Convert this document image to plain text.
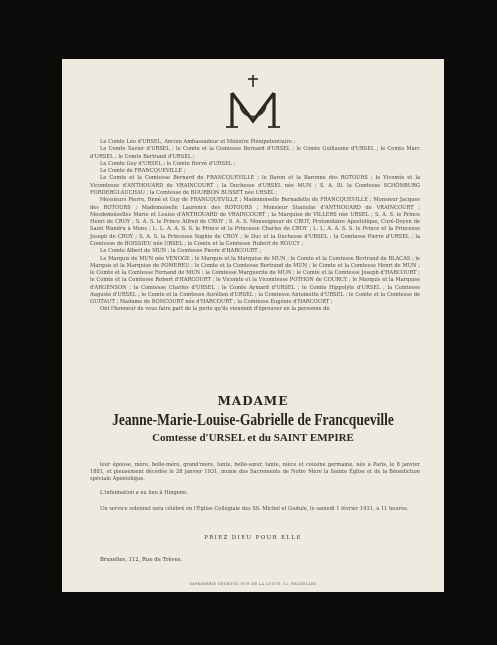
Le Comte Léo d'URSEL, Ancien Ambassadeur et Ministre Plénipotentiaire ;

Le Comte Xavier d'URSEL ; le Comte et la Comtesse Bernard d'URSEL ; le Comte Guillaume d'URSEL ; le Comte Marc d'URSEL ; le Comte Bertrand d'URSEL ;

Le Comte Guy d'URSEL ; le Comte Hervé d'URSEL ;

Le Comte de FRANCQUEVILLE ;

Le Comte et la Comtesse Bernard de FRANCQUEVILLE ; le Baron et la Baronne des ROTOURS ; le Vicomte et la Vicomtesse d'ANTHOUARD de VRAINCOURT ; la Duchesse d'URSEL née MUN ; S. A. Ill. la Comtesse SCHÖNBURG FORDERGLAUCHAU ; la Comtesse de BOURBON BUSSET née URSEL ;

Messieurs Pierre, René et Guy de FRANCQUEVILLE ; Mademoiselle Bernadette de FRANCQUEVILLE ; Monsieur Jacques des ROTOURS ; Mademoiselle Laurence des ROTOURS ; Monsieur Stanislas d'ANTHOUARD de VRAINCOURT ; Mesdemoiselles Marie et Louise d'ANTHOUARD de VRAINCOURT ; la Marquise de VILLERS née URSEL ; S. A. S. le Prince Henri de CROY ; S. A. S. le Prince Alfred de CROY ; S. A. S. Monseigneur de CROY, Protonotaire Apostolique, Curé-Doyen de Saint Wandru à Mons ; L. L. A. A. S. S. le Prince et la Princesse Charles de CROY ; L. L. A. A. S. S. le Prince et la Princesse Joseph de CROY ; S. A. S. la Princesse Sophie de CROY ; le Duc et la Duchesse d'URSEL ; la Comtesse Pierre d'URSEL ; la Comtesse de BOISSIEU née URSEL ; le Comte et la Comtesse Hubert de ROUCY ;

Le Comte Albert de MUN ; la Comtesse Pierre d'HARCOURT ;

Le Marquis de MUN née VENOGE ; le Marquis et la Marquise de MUN ; le Comte et la Comtesse Bertrand de BLACAS ; le Marquis et la Marquise de POMEREU ; le Comte et la Comtesse Bertrand de MUN ; le Comte et la Comtesse Henri de MUN ; le Comte et la Comtesse Fernand de MUN ; la Comtesse Marguerite de MUN ; le Comte et la Comtesse Joseph d'HARCOURT ; le Comte et la Comtesse Robert d'HARCOURT ; le Vicomte et la Vicomtesse POTHON de COURCY ; le Marquis et la Marquise d'ARGENSON ; la Comtesse Charles d'URSEL ; le Comte Aymard d'URSEL ; le Comte Hippolyte d'URSEL ; la Comtesse Auguste d'URSEL ; le Comte et la Comtesse Aurélien d'URSEL ; la Comtesse Antoinette d'URSEL ; le Comte et la Comtesse de GUITAUT ; Madame de BONCOURT née d'HARCOURT ; la Comtesse Eugénie d'HARCOURT ;

Ont l'honneur de vous faire part de la perte qu'ils viennent d'éprouver en la personne de

MADAME
Jeanne-Marie-Louise-Gabrielle de Francqueville
Comtesse d'URSEL et du SAINT EMPIRE

leur épouse, mère, belle-mère, grand'mère, tante, belle-sœur, tante, nièce et cousine germaine, née à Paris, le 8 janvier 1881, et pieusement décédée le 28 janvier 1931, munie des Sacrements de Notre Mère la Sainte Église et de la Bénédiction spéciale Apostolique.

L'inhumation a eu lieu à Hingene.

Un service solennel sera célébré en l'Église Collégiale des SS. Michel et Gudule, le samedi 1 février 1931, à 11 heures.

PRIEZ DIEU POUR ELLE
Bruxelles, 112, Rue de Trèves.
IMPRIMERIE DEVROYE, RUE DE LA LOUVE, 12, BRUXELLES
